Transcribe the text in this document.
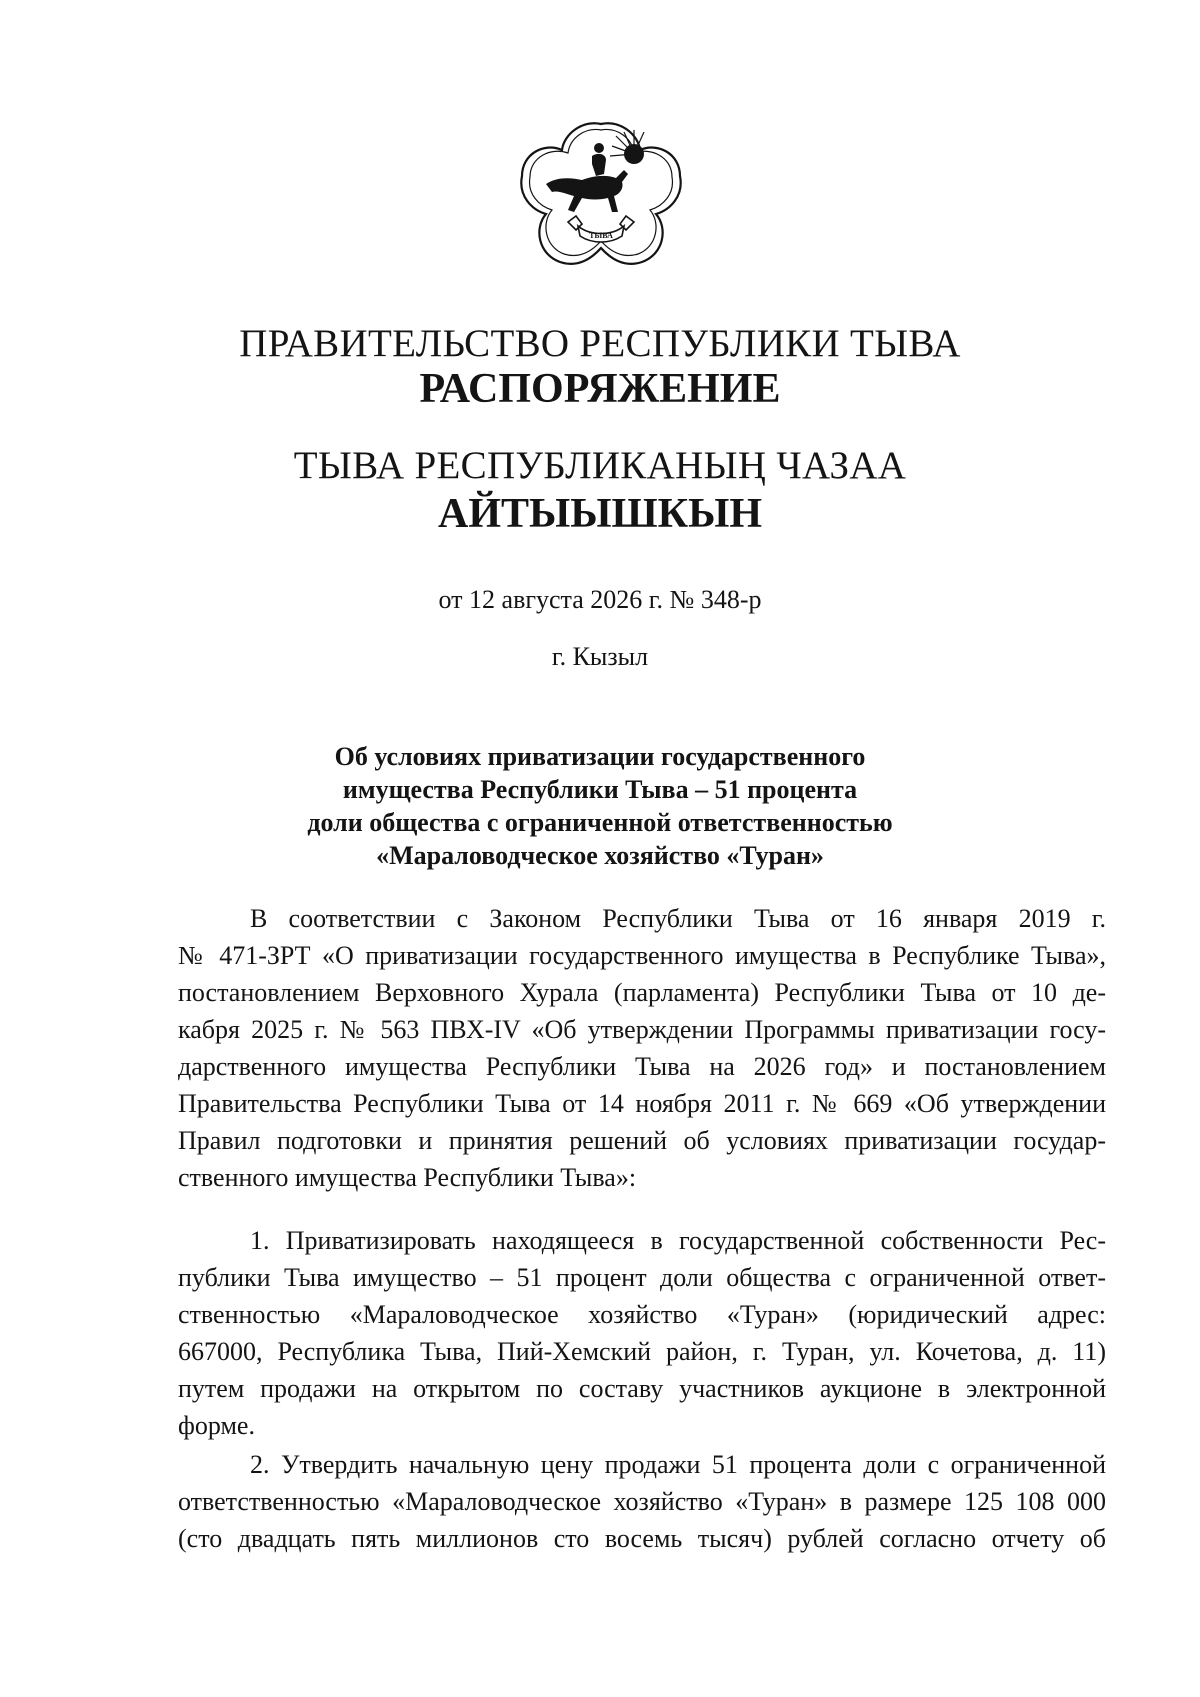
ТЫВА
ПРАВИТЕЛЬСТВО РЕСПУБЛИКИ ТЫВА
РАСПОРЯЖЕНИЕ
ТЫВА РЕСПУБЛИКАНЫҢ ЧАЗАА
АЙТЫЫШКЫН
от 12 августа 2026 г. № 348-р
г. Кызыл
Об условиях приватизации государственного
имущества Республики Тыва – 51 процента
доли общества с ограниченной ответственностью
«Мараловодческое хозяйство «Туран»
В соответствии с Законом Республики Тыва от 16 января 2019 г.
№ 471-ЗРТ «О приватизации государственного имущества в Республике Тыва»,
постановлением Верховного Хурала (парламента) Республики Тыва от 10 де-
кабря 2025 г. № 563 ПВХ-IV «Об утверждении Программы приватизации госу-
дарственного имущества Республики Тыва на 2026 год» и постановлением
Правительства Республики Тыва от 14 ноября 2011 г. № 669 «Об утверждении
Правил подготовки и принятия решений об условиях приватизации государ-
ственного имущества Республики Тыва»:
1. Приватизировать находящееся в государственной собственности Рес-
публики Тыва имущество – 51 процент доли общества с ограниченной ответ-
ственностью «Мараловодческое хозяйство «Туран» (юридический адрес:
667000, Республика Тыва, Пий-Хемский район, г. Туран, ул. Кочетова, д. 11)
путем продажи на открытом по составу участников аукционе в электронной
форме.
2. Утвердить начальную цену продажи 51 процента доли с ограниченной
ответственностью «Мараловодческое хозяйство «Туран» в размере 125 108 000
(сто двадцать пять миллионов сто восемь тысяч) рублей согласно отчету об
